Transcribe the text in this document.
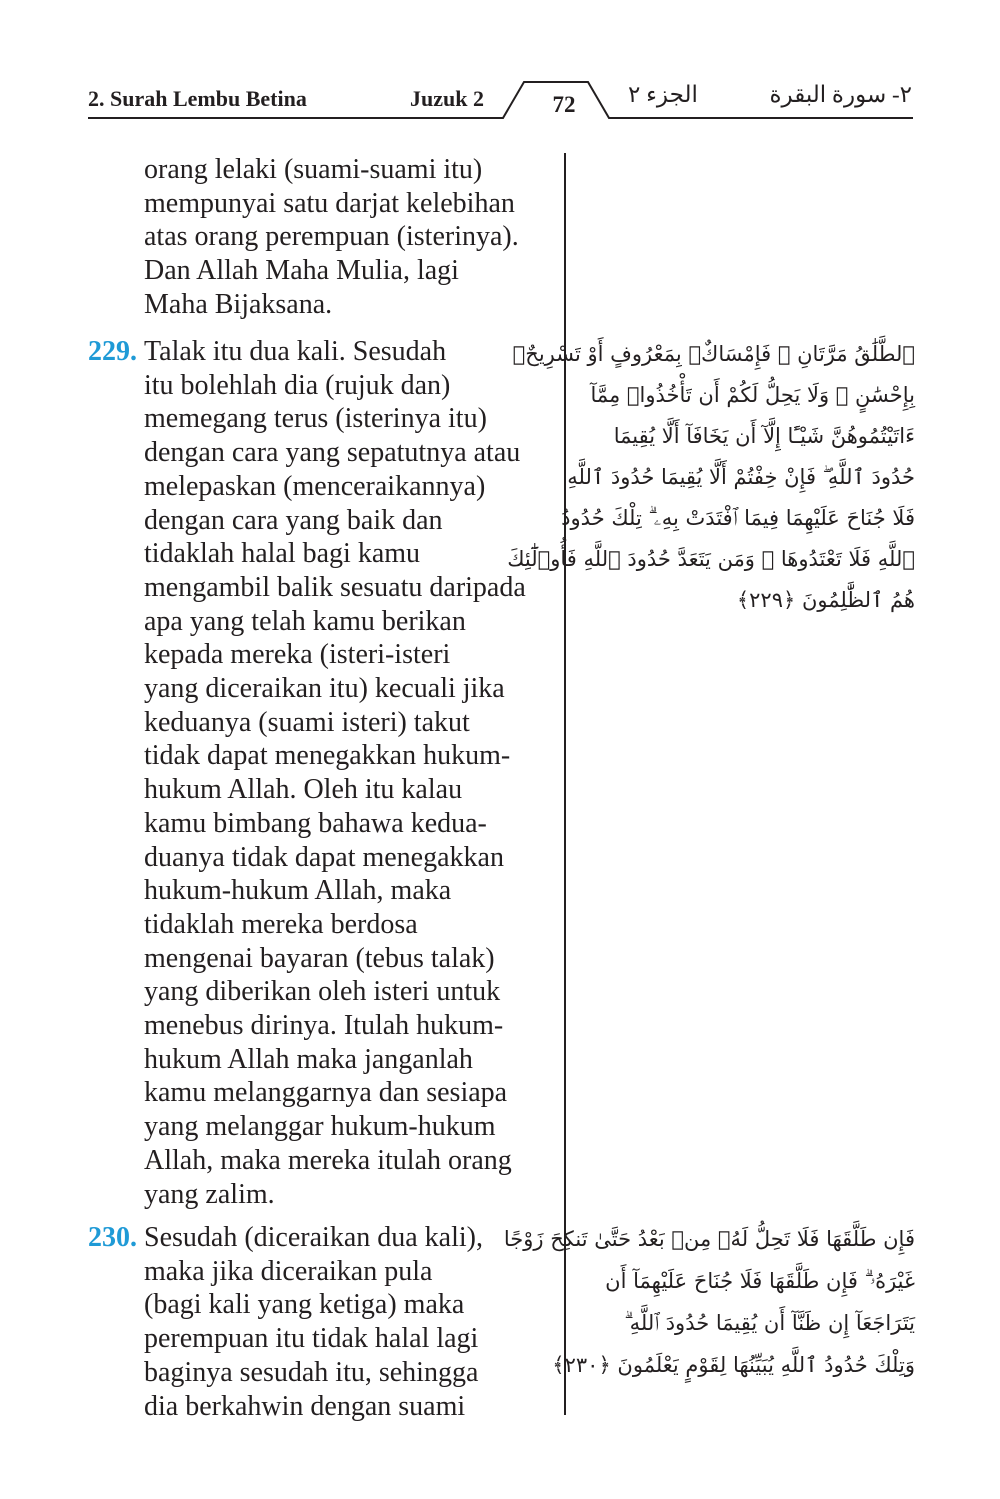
2. Surah Lembu Betina	Juzuk 2	72	الجزء ٢	٢- سورة البقرة
orang lelaki (suami-suami itu)
mempunyai satu darjat kelebihan
atas orang perempuan (isterinya).
Dan Allah Maha Mulia, lagi
Maha Bijaksana.
229. Talak itu dua kali. Sesudah
itu bolehlah dia (rujuk dan)
memegang terus (isterinya itu)
dengan cara yang sepatutnya atau
melepaskan (menceraikannya)
dengan cara yang baik dan
tidaklah halal bagi kamu
mengambil balik sesuatu daripada
apa yang telah kamu berikan
kepada mereka (isteri-isteri
yang diceraikan itu) kecuali jika
keduanya (suami isteri) takut
tidak dapat menegakkan hukum-
hukum Allah. Oleh itu kalau
kamu bimbang bahawa kedua-
duanya tidak dapat menegakkan
hukum-hukum Allah, maka
tidaklah mereka berdosa
mengenai bayaran (tebus talak)
yang diberikan oleh isteri untuk
menebus dirinya. Itulah hukum-
hukum Allah maka janganlah
kamu melanggarnya dan sesiapa
yang melanggar hukum-hukum
Allah, maka mereka itulah orang
yang zalim.
ٱلطَّلَٰقُ مَرَّتَانِ ۖ فَإِمْسَاكٌۢ بِمَعْرُوفٍ أَوْ تَسْرِيحٌۢ
بِإِحْسَٰنٍ ۗ وَلَا يَحِلُّ لَكُمْ أَن تَأْخُذُوا۟ مِمَّآ
ءَاتَيْتُمُوهُنَّ شَيْـًٔا إِلَّآ أَن يَخَافَآ أَلَّا يُقِيمَا
حُدُودَ ٱللَّهِ ۖ فَإِنْ خِفْتُمْ أَلَّا يُقِيمَا حُدُودَ ٱللَّهِ
فَلَا جُنَاحَ عَلَيْهِمَا فِيمَا ٱفْتَدَتْ بِهِۦ ۗ تِلْكَ حُدُودُ
ٱللَّهِ فَلَا تَعْتَدُوهَا ۚ وَمَن يَتَعَدَّ حُدُودَ ٱللَّهِ فَأُو۟لَٰٓئِكَ
هُمُ ٱلظَّٰلِمُونَ ﴿٢٢٩﴾
230. Sesudah (diceraikan dua kali),
maka jika diceraikan pula
(bagi kali yang ketiga) maka
perempuan itu tidak halal lagi
baginya sesudah itu, sehingga
dia berkahwin dengan suami
فَإِن طَلَّقَهَا فَلَا تَحِلُّ لَهُۥ مِنۢ بَعْدُ حَتَّىٰ تَنكِحَ زَوْجًا
غَيْرَهُۥ ۗ فَإِن طَلَّقَهَا فَلَا جُنَاحَ عَلَيْهِمَآ أَن
يَتَرَاجَعَآ إِن ظَنَّآ أَن يُقِيمَا حُدُودَ ٱللَّهِ ۗ
وَتِلْكَ حُدُودُ ٱللَّهِ يُبَيِّنُهَا لِقَوْمٍ يَعْلَمُونَ ﴿٢٣٠﴾
